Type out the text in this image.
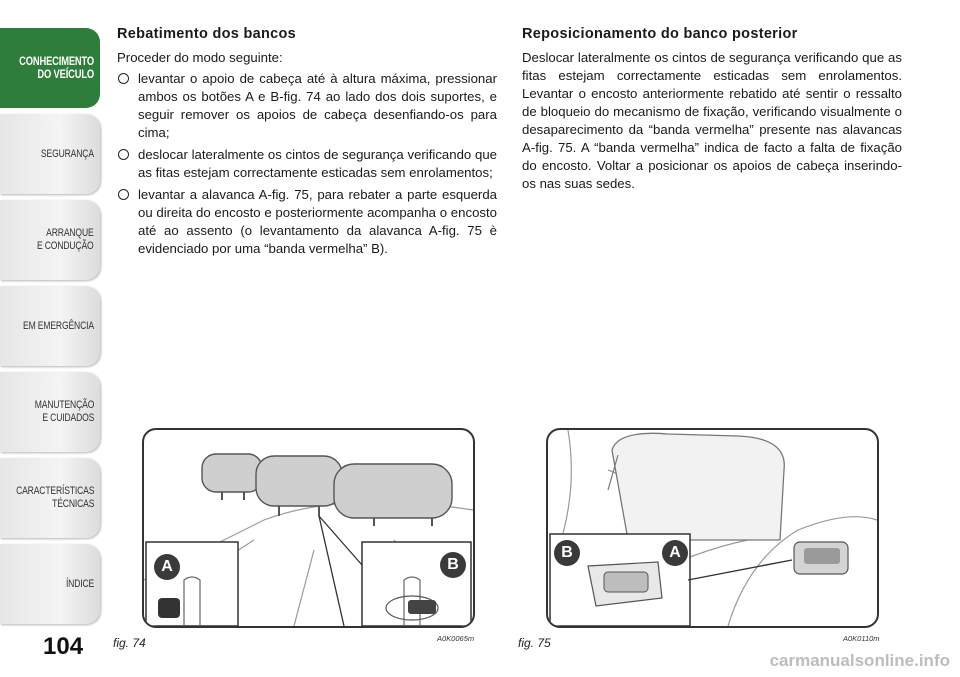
CONHECIMENTO
DO VEÍCULO
SEGURANÇA
ARRANQUE
E CONDUÇÃO
EM EMERGÊNCIA
MANUTENÇÃO
E CUIDADOS
CARACTERÍSTICAS
TÉCNICAS
ÍNDICE
104
Rebatimento dos bancos

Proceder do modo seguinte:

levantar o apoio de cabeça até à altura máxima, pressionar ambos os botões A e B-fig. 74 ao lado dos dois suportes, e seguir remover os apoios de cabeça desenfiando-os para cima;
deslocar lateralmente os cintos de segurança verificando que as fitas estejam correctamente esticadas sem enrolamentos;
levantar a alavanca A-fig. 75, para rebater a parte esquerda ou direita do encosto e posteriormente acompanha o encosto até ao assento (o levantamento da alavanca A-fig. 75 è evidenciado por uma “banda vermelha” B).
Reposicionamento do banco posterior

Deslocar lateralmente os cintos de segurança verificando que as fitas estejam correctamente esticadas sem enrolamentos. Levantar o encosto anteriormente rebatido até sentir o ressalto de bloqueio do mecanismo de fixação, verificando visualmente o desaparecimento da “banda vermelha” presente nas alavancas A-fig. 75. A “banda vermelha” indica de facto a falta de fixação do encosto. Voltar a posicionar os apoios de cabeça inserindo-os nas suas sedes.

A	B
fig. 74	A0K0065m
B	A
fig. 75	A0K0110m
carmanualsonline.info
